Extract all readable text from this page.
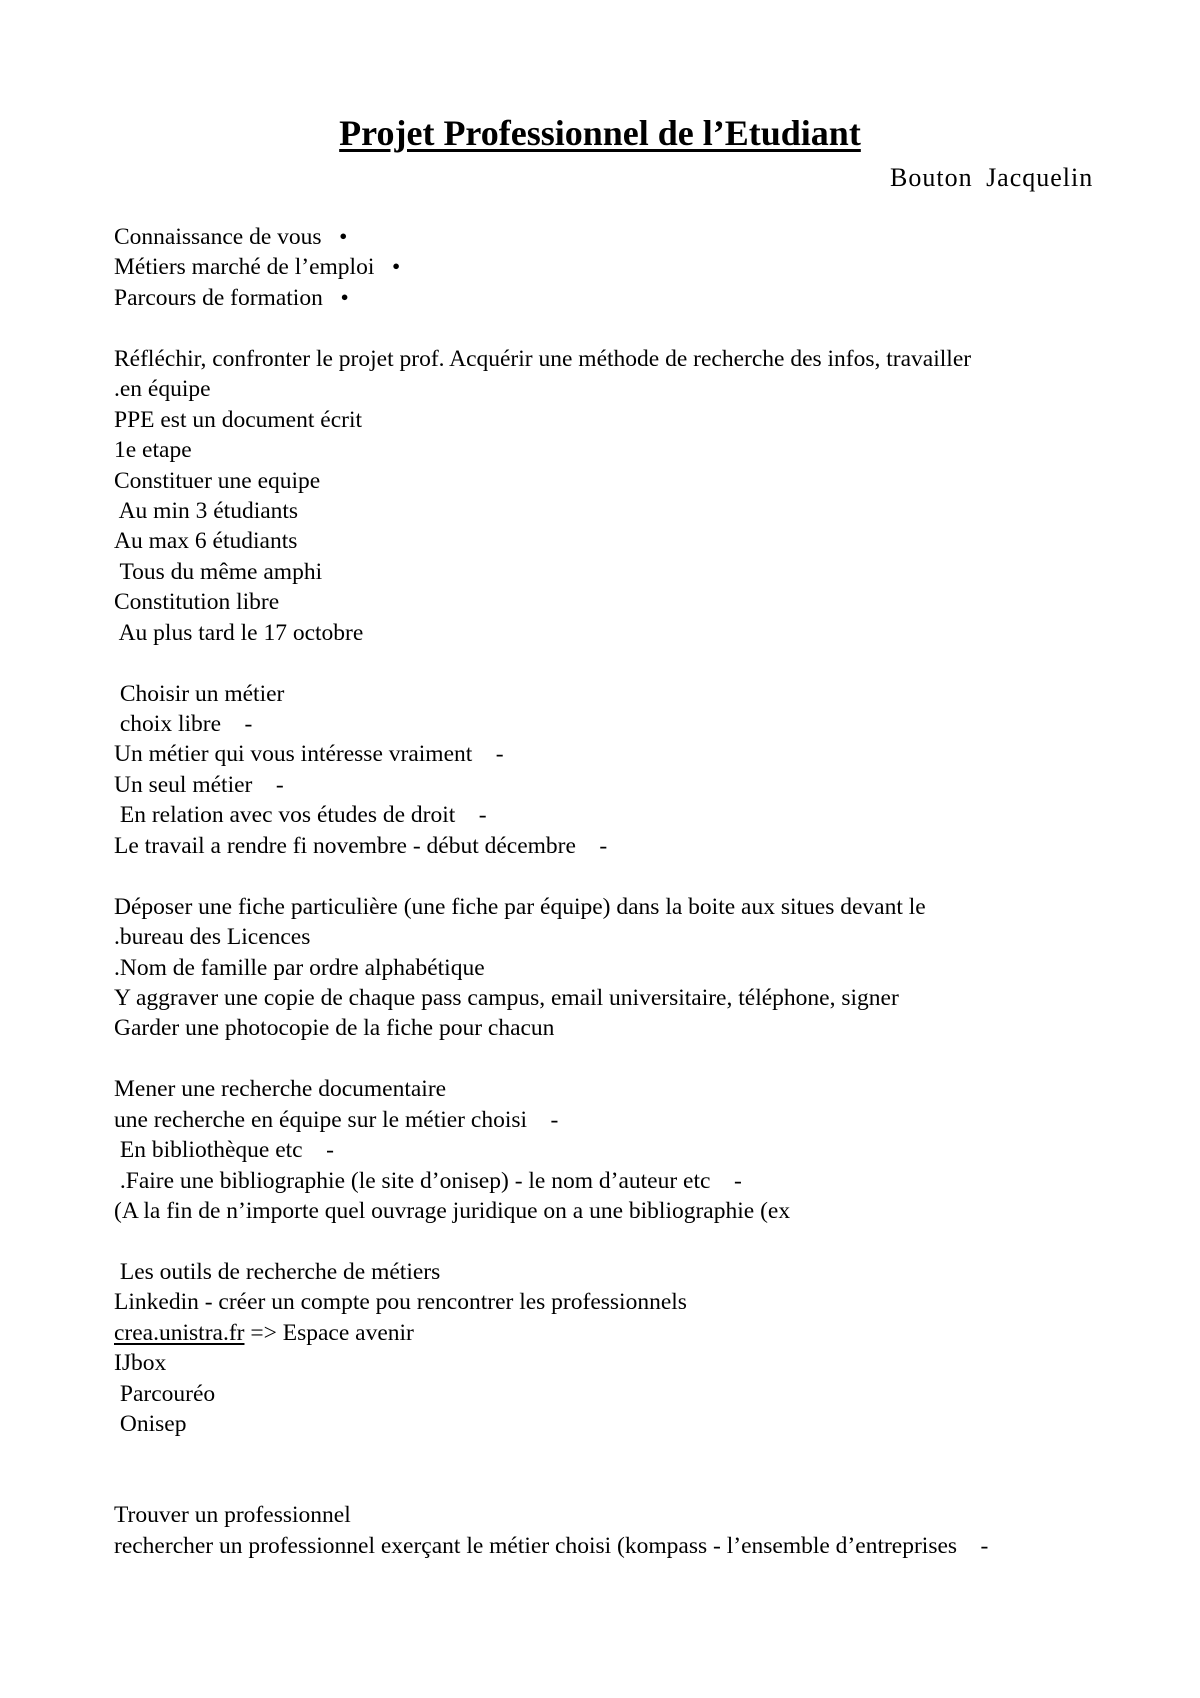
Projet Professionnel de l’Etudiant
Bouton Jacquelin
Connaissance de vous   •
Métiers marché de l’emploi   •
Parcours de formation   •
Réfléchir, confronter le projet prof. Acquérir une méthode de recherche des infos, travailler
.en équipe
PPE est un document écrit
1e etape
Constituer une equipe
Au min 3 étudiants
Au max 6 étudiants
Tous du même amphi
Constitution libre
Au plus tard le 17 octobre
Choisir un métier
choix libre    -
Un métier qui vous intéresse vraiment    -
Un seul métier    -
En relation avec vos études de droit    -
Le travail a rendre fi novembre - début décembre    -
Déposer une fiche particulière (une fiche par équipe) dans la boite aux situes devant le
.bureau des Licences
.Nom de famille par ordre alphabétique
Y aggraver une copie de chaque pass campus, email universitaire, téléphone, signer
Garder une photocopie de la fiche pour chacun
Mener une recherche documentaire
une recherche en équipe sur le métier choisi    -
En bibliothèque etc    -
.Faire une bibliographie (le site d’onisep) - le nom d’auteur etc    -
(A la fin de n’importe quel ouvrage juridique on a une bibliographie (ex
Les outils de recherche de métiers
Linkedin - créer un compte pou rencontrer les professionnels
crea.unistra.fr => Espace avenir
IJbox
Parcouréo
Onisep
Trouver un professionnel
rechercher un professionnel exerçant le métier choisi (kompass - l’ensemble d’entreprises    -
